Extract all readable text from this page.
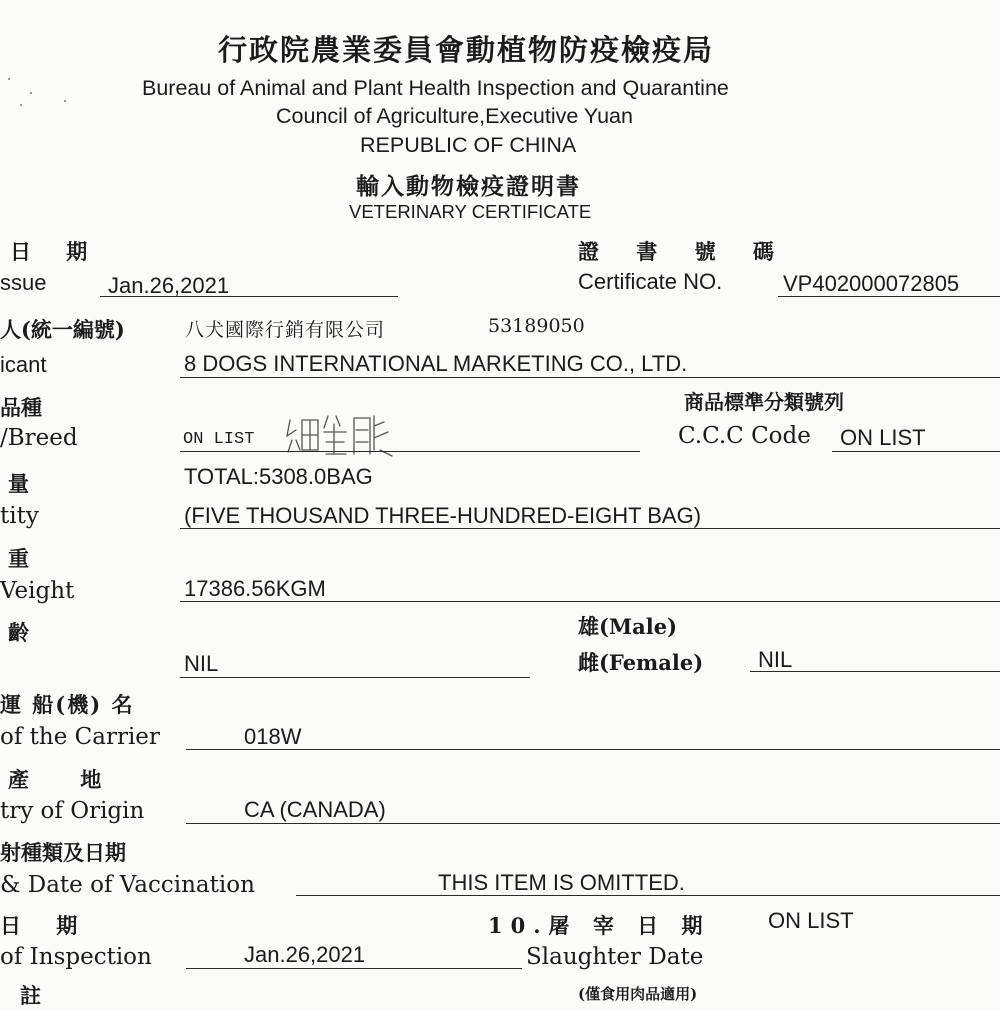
行政院農業委員會動植物防疫檢疫局
Bureau of Animal and Plant Health Inspection and Quarantine
Council of Agriculture,Executive Yuan
REPUBLIC OF CHINA
輸入動物檢疫證明書
VETERINARY CERTIFICATE
日 期	證 書 號 碼
ssue	Jan.26,2021	Certificate NO.	VP402000072805
人(統一編號)	八犬國際行銷有限公司	53189050
icant	8 DOGS INTERNATIONAL MARKETING CO., LTD.
品種	商品標準分類號列
/Breed	ON LIST	C.C.C Code ON LIST
量	TOTAL:5308.0BAG
tity	(FIVE THOUSAND THREE-HUNDRED-EIGHT BAG)
重
Veight	17386.56KGM
齡	雄(Male)
NIL	雌(Female) NIL
運 船(機) 名
of the Carrier	018W
產 地
try of Origin	CA (CANADA)
射種類及日期
& Date of Vaccination	THIS ITEM IS OMITTED.
日 期	10.屠 宰 日 期	ON LIST
of Inspection	Jan.26,2021	Slaughter Date
(僅食用肉品適用)
註
